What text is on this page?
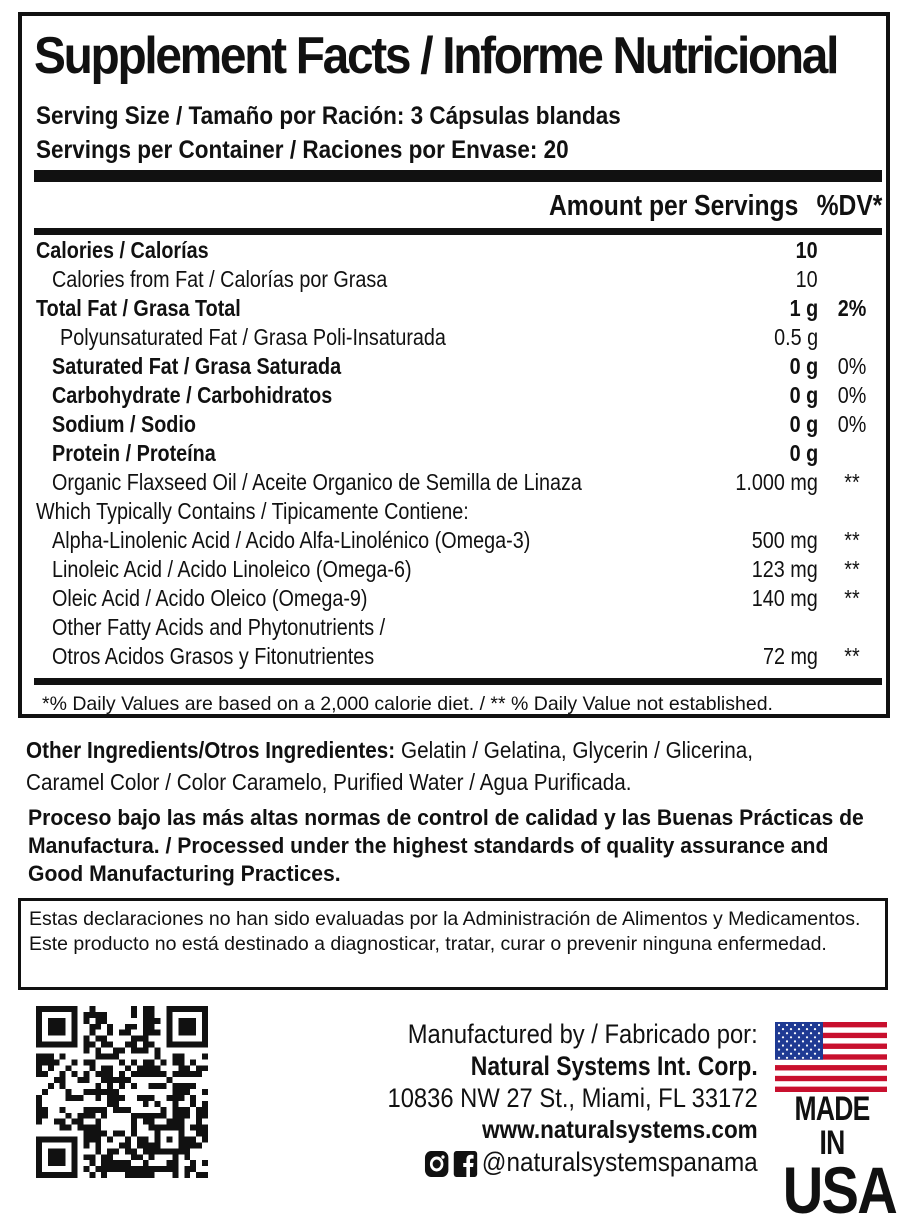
Supplement Facts / Informe Nutricional
Serving Size / Tamaño por Ración: 3 Cápsulas blandas
Servings per Container / Raciones por Envase: 20
Amount per Servings %DV*
Calories / Calorías	10
Calories from Fat / Calorías por Grasa	10
Total Fat / Grasa Total	1 g 2%
Polyunsaturated Fat / Grasa Poli-Insaturada	0.5 g
Saturated Fat / Grasa Saturada	0 g 0%
Carbohydrate / Carbohidratos	0 g 0%
Sodium / Sodio	0 g 0%
Protein / Proteína	0 g
Organic Flaxseed Oil / Aceite Organico de Semilla de Linaza	1.000 mg	**
Which Typically Contains / Tipicamente Contiene:
Alpha-Linolenic Acid / Acido Alfa-Linolénico (Omega-3)	500 mg	**
Linoleic Acid / Acido Linoleico (Omega-6)	123 mg	**
Oleic Acid / Acido Oleico (Omega-9)	140 mg	**
Other Fatty Acids and Phytonutrients /
Otros Acidos Grasos y Fitonutrientes	72 mg	**
*% Daily Values are based on a 2,000 calorie diet. / ** % Daily Value not established.
Other Ingredients/Otros Ingredientes: Gelatin / Gelatina, Glycerin / Glicerina, Caramel Color / Color Caramelo, Purified Water / Agua Purificada.
Proceso bajo las más altas normas de control de calidad y las Buenas Prácticas de Manufactura. / Processed under the highest standards of quality assurance and Good Manufacturing Practices.

Estas declaraciones no han sido evaluadas por la Administración de Alimentos y Medicamentos. Este producto no está destinado a diagnosticar, tratar, curar o prevenir ninguna enfermedad.

Manufactured by / Fabricado por:
Natural Systems Int. Corp.
10836 NW 27 St., Miami, FL 33172
www.naturalsystems.com
@naturalsystemspanama
MADE IN
USA
